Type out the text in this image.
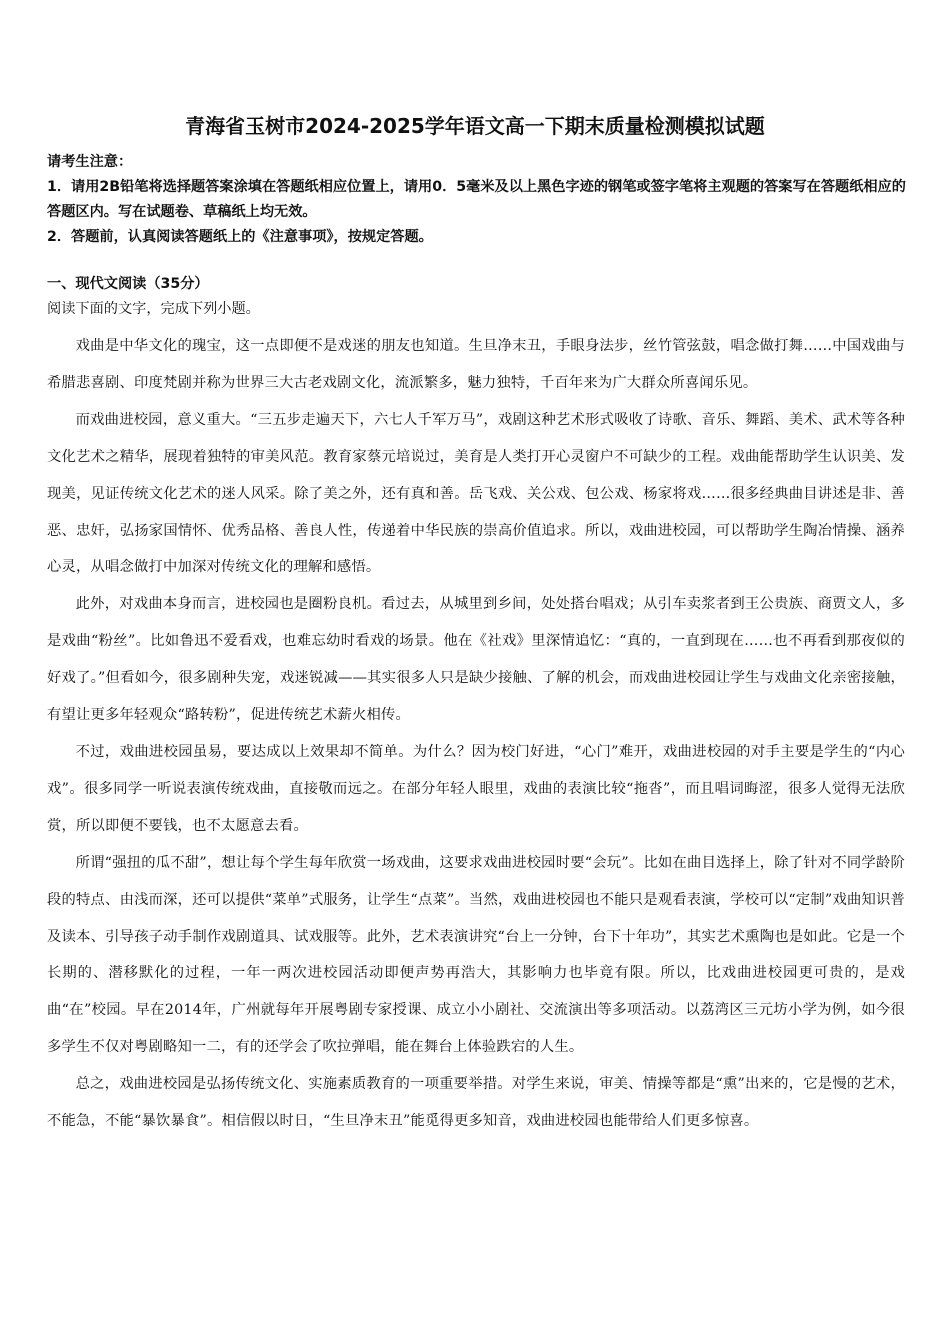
青海省玉树市2024-2025学年语文高一下期末质量检测模拟试题

请考生注意：

1．请用2B铅笔将选择题答案涂填在答题纸相应位置上，请用0．5毫米及以上黑色字迹的钢笔或签字笔将主观题的答案写在答题纸相应的答题区内。写在试题卷、草稿纸上均无效。

2．答题前，认真阅读答题纸上的《注意事项》，按规定答题。

一、现代文阅读（35分）

阅读下面的文字，完成下列小题。

戏曲是中华文化的瑰宝，这一点即便不是戏迷的朋友也知道。生旦净末丑，手眼身法步，丝竹管弦鼓，唱念做打舞……中国戏曲与希腊悲喜剧、印度梵剧并称为世界三大古老戏剧文化，流派繁多，魅力独特，千百年来为广大群众所喜闻乐见。

而戏曲进校园，意义重大。“三五步走遍天下，六七人千军万马”，戏剧这种艺术形式吸收了诗歌、音乐、舞蹈、美术、武术等各种文化艺术之精华，展现着独特的审美风范。教育家蔡元培说过，美育是人类打开心灵窗户不可缺少的工程。戏曲能帮助学生认识美、发现美，见证传统文化艺术的迷人风采。除了美之外，还有真和善。岳飞戏、关公戏、包公戏、杨家将戏……很多经典曲目讲述是非、善恶、忠奸，弘扬家国情怀、优秀品格、善良人性，传递着中华民族的崇高价值追求。所以，戏曲进校园，可以帮助学生陶冶情操、涵养心灵，从唱念做打中加深对传统文化的理解和感悟。

此外，对戏曲本身而言，进校园也是圈粉良机。看过去，从城里到乡间，处处搭台唱戏；从引车卖浆者到王公贵族、商贾文人，多是戏曲“粉丝”。比如鲁迅不爱看戏，也难忘幼时看戏的场景。他在《社戏》里深情追忆：“真的，一直到现在……也不再看到那夜似的好戏了。”但看如今，很多剧种失宠，戏迷锐减——其实很多人只是缺少接触、了解的机会，而戏曲进校园让学生与戏曲文化亲密接触，有望让更多年轻观众“路转粉”，促进传统艺术薪火相传。

不过，戏曲进校园虽易，要达成以上效果却不简单。为什么？因为校门好进，“心门”难开，戏曲进校园的对手主要是学生的“内心戏”。很多同学一听说表演传统戏曲，直接敬而远之。在部分年轻人眼里，戏曲的表演比较“拖沓”，而且唱词晦涩，很多人觉得无法欣赏，所以即便不要钱，也不太愿意去看。

所谓“强扭的瓜不甜”，想让每个学生每年欣赏一场戏曲，这要求戏曲进校园时要“会玩”。比如在曲目选择上，除了针对不同学龄阶段的特点、由浅而深，还可以提供“菜单”式服务，让学生“点菜”。当然，戏曲进校园也不能只是观看表演，学校可以“定制”戏曲知识普及读本、引导孩子动手制作戏剧道具、试戏服等。此外，艺术表演讲究“台上一分钟，台下十年功”，其实艺术熏陶也是如此。它是一个长期的、潜移默化的过程，一年一两次进校园活动即便声势再浩大，其影响力也毕竟有限。所以，比戏曲进校园更可贵的，是戏曲“在”校园。早在2014年，广州就每年开展粤剧专家授课、成立小小剧社、交流演出等多项活动。以荔湾区三元坊小学为例，如今很多学生不仅对粤剧略知一二，有的还学会了吹拉弹唱，能在舞台上体验跌宕的人生。

总之，戏曲进校园是弘扬传统文化、实施素质教育的一项重要举措。对学生来说，审美、情操等都是“熏”出来的，它是慢的艺术，不能急，不能“暴饮暴食”。相信假以时日，“生旦净末丑”能觅得更多知音，戏曲进校园也能带给人们更多惊喜。
